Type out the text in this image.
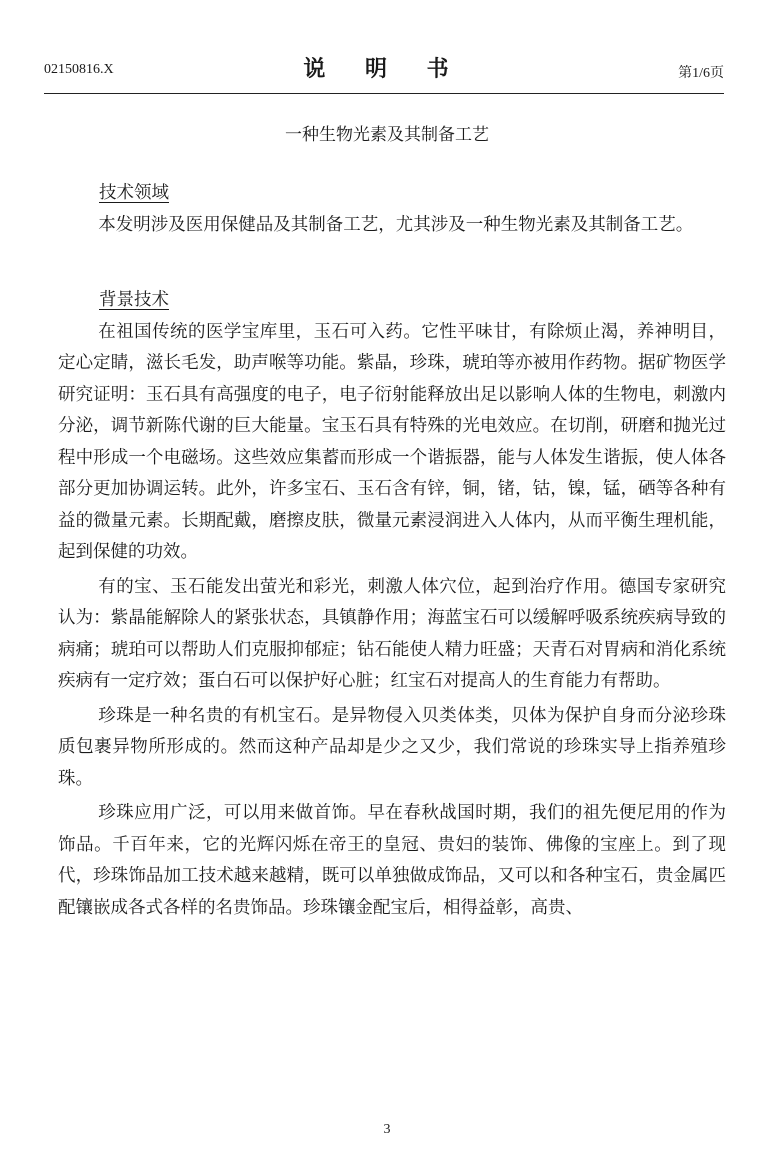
02150816.X	说 明 书	第1/6页
一种生物光素及其制备工艺
技术领域

本发明涉及医用保健品及其制备工艺，尤其涉及一种生物光素及其制备工艺。

背景技术

在祖国传统的医学宝库里，玉石可入药。它性平味甘，有除烦止渴，养神明目， 定心定睛，滋长毛发，助声喉等功能。紫晶，珍珠，琥珀等亦被用作药物。据矿物医学研究证明：玉石具有高强度的电子，电子衍射能释放出足以影响人体的生物电，刺激内分泌，调节新陈代谢的巨大能量。宝玉石具有特殊的光电效应。在切削，研磨和抛光过程中形成一个电磁场。这些效应集蓄而形成一个谐振器，能与人体发生谐振，使人体各部分更加协调运转。此外，许多宝石、玉石含有锌，铜，锗，钴，镍，锰，硒等各种有益的微量元素。长期配戴，磨擦皮肤，微量元素浸润进入人体内，从而平衡生理机能，起到保健的功效。

有的宝、玉石能发出萤光和彩光，刺激人体穴位，起到治疗作用。德国专家研究认为：紫晶能解除人的紧张状态，具镇静作用；海蓝宝石可以缓解呼吸系统疾病导致的病痛；琥珀可以帮助人们克服抑郁症；钻石能使人精力旺盛；天青石对胃病和消化系统疾病有一定疗效；蛋白石可以保护好心脏；红宝石对提高人的生育能力有帮助。

珍珠是一种名贵的有机宝石。是异物侵入贝类体类，贝体为保护自身而分泌珍珠质包裹异物所形成的。然而这种产品却是少之又少，我们常说的珍珠实导上指养殖珍珠。

珍珠应用广泛，可以用来做首饰。早在春秋战国时期，我们的祖先便尼用的作为饰品。千百年来，它的光辉闪烁在帝王的皇冠、贵妇的装饰、佛像的宝座上。到了现代，珍珠饰品加工技术越来越精，既可以单独做成饰品，又可以和各种宝石，贵金属匹配镶嵌成各式各样的名贵饰品。珍珠镶金配宝后，相得益彰，高贵、

3
